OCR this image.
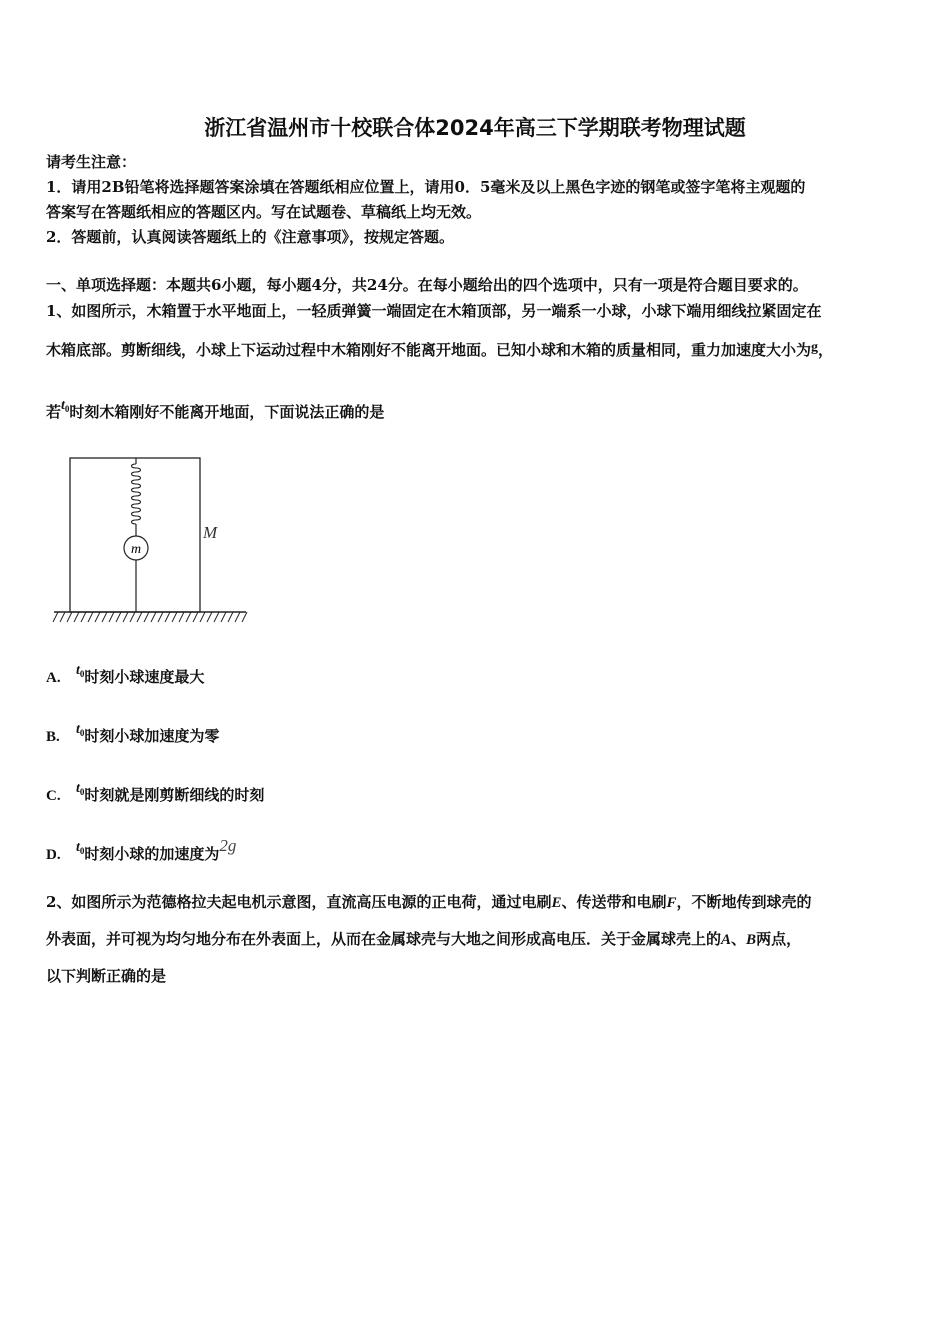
浙江省温州市十校联合体2024年高三下学期联考物理试题
请考生注意：
1．请用2B铅笔将选择题答案涂填在答题纸相应位置上，请用0．5毫米及以上黑色字迹的钢笔或签字笔将主观题的
答案写在答题纸相应的答题区内。写在试题卷、草稿纸上均无效。
2．答题前，认真阅读答题纸上的《注意事项》，按规定答题。
一、单项选择题：本题共6小题，每小题4分，共24分。在每小题给出的四个选项中，只有一项是符合题目要求的。
1、如图所示，木箱置于水平地面上，一轻质弹簧一端固定在木箱顶部，另一端系一小球，小球下端用细线拉紧固定在
木箱底部。剪断细线，小球上下运动过程中木箱刚好不能离开地面。已知小球和木箱的质量相同，重力加速度大小为g，
若$t_0$时刻木箱刚好不能离开地面，下面说法正确的是
m
M
A. $t_0$时刻小球速度最大
B. $t_0$时刻小球加速度为零
C. $t_0$时刻就是刚剪断细线的时刻
D. $t_0$时刻小球的加速度为2g
2、如图所示为范德格拉夫起电机示意图，直流高压电源的正电荷，通过电刷E、传送带和电刷F，不断地传到球壳的
外表面，并可视为均匀地分布在外表面上，从而在金属球壳与大地之间形成高电压．关于金属球壳上的A、B两点，
以下判断正确的是
